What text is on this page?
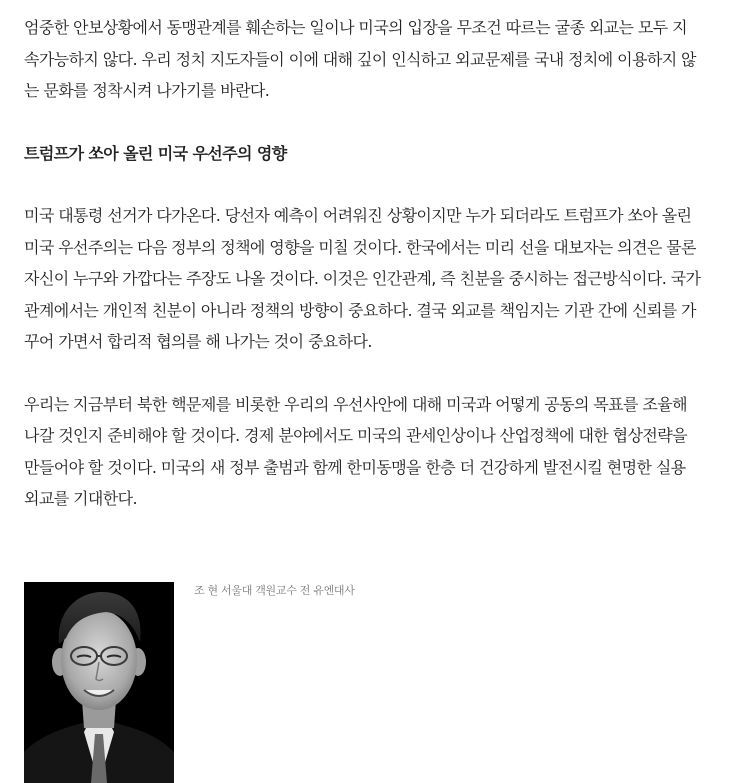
엄중한 안보상황에서 동맹관계를 훼손하는 일이나 미국의 입장을 무조건 따르는 굴종 외교는 모두 지
속가능하지 않다. 우리 정치 지도자들이 이에 대해 깊이 인식하고 외교문제를 국내 정치에 이용하지 않
는 문화를 정착시켜 나가기를 바란다.

트럼프가 쏘아 올린 미국 우선주의 영향

미국 대통령 선거가 다가온다. 당선자 예측이 어려워진 상황이지만 누가 되더라도 트럼프가 쏘아 올린
미국 우선주의는 다음 정부의 정책에 영향을 미칠 것이다. 한국에서는 미리 선을 대보자는 의견은 물론
자신이 누구와 가깝다는 주장도 나올 것이다. 이것은 인간관계, 즉 친분을 중시하는 접근방식이다. 국가
관계에서는 개인적 친분이 아니라 정책의 방향이 중요하다. 결국 외교를 책임지는 기관 간에 신뢰를 가
꾸어 가면서 합리적 협의를 해 나가는 것이 중요하다.

우리는 지금부터 북한 핵문제를 비롯한 우리의 우선사안에 대해 미국과 어떻게 공동의 목표를 조율해
나갈 것인지 준비해야 할 것이다. 경제 분야에서도 미국의 관세인상이나 산업정책에 대한 협상전략을
만들어야 할 것이다. 미국의 새 정부 출범과 함께 한미동맹을 한층 더 건강하게 발전시킬 현명한 실용
외교를 기대한다.

조 현 서울대 객원교수 전 유엔대사
